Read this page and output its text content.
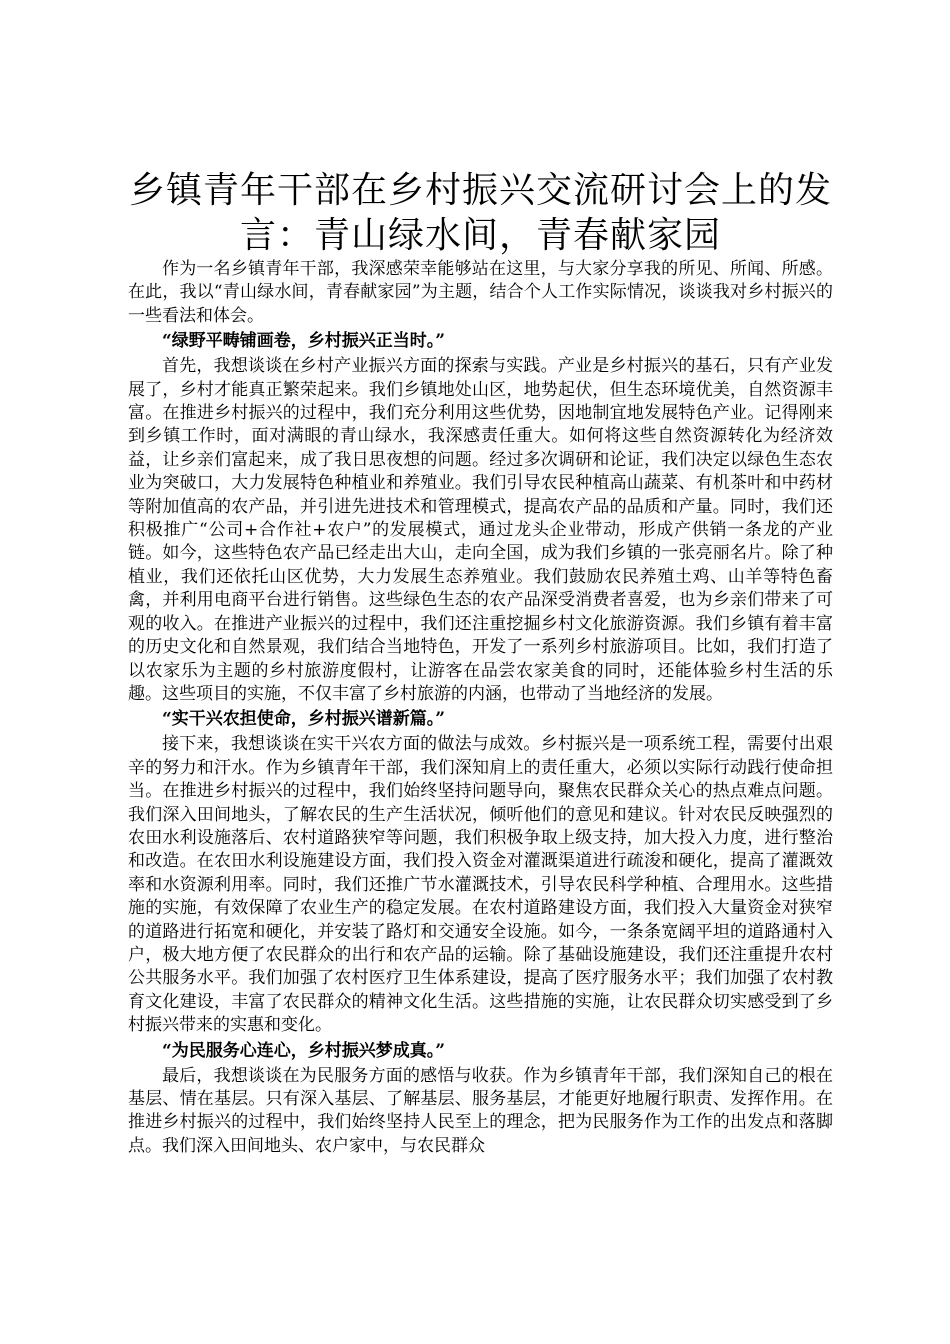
乡镇青年干部在乡村振兴交流研讨会上的发言：青山绿水间，青春献家园

作为一名乡镇青年干部，我深感荣幸能够站在这里，与大家分享我的所见、所闻、所感。在此，我以“青山绿水间，青春献家园”为主题，结合个人工作实际情况，谈谈我对乡村振兴的一些看法和体会。

“绿野平畴铺画卷，乡村振兴正当时。”

首先，我想谈谈在乡村产业振兴方面的探索与实践。产业是乡村振兴的基石，只有产业发展了，乡村才能真正繁荣起来。我们乡镇地处山区，地势起伏，但生态环境优美，自然资源丰富。在推进乡村振兴的过程中，我们充分利用这些优势，因地制宜地发展特色产业。记得刚来到乡镇工作时，面对满眼的青山绿水，我深感责任重大。如何将这些自然资源转化为经济效益，让乡亲们富起来，成了我日思夜想的问题。经过多次调研和论证，我们决定以绿色生态农业为突破口，大力发展特色种植业和养殖业。我们引导农民种植高山蔬菜、有机茶叶和中药材等附加值高的农产品，并引进先进技术和管理模式，提高农产品的品质和产量。同时，我们还积极推广“公司+合作社+农户”的发展模式，通过龙头企业带动，形成产供销一条龙的产业链。如今，这些特色农产品已经走出大山，走向全国，成为我们乡镇的一张亮丽名片。除了种植业，我们还依托山区优势，大力发展生态养殖业。我们鼓励农民养殖土鸡、山羊等特色畜禽，并利用电商平台进行销售。这些绿色生态的农产品深受消费者喜爱，也为乡亲们带来了可观的收入。在推进产业振兴的过程中，我们还注重挖掘乡村文化旅游资源。我们乡镇有着丰富的历史文化和自然景观，我们结合当地特色，开发了一系列乡村旅游项目。比如，我们打造了以农家乐为主题的乡村旅游度假村，让游客在品尝农家美食的同时，还能体验乡村生活的乐趣。这些项目的实施，不仅丰富了乡村旅游的内涵，也带动了当地经济的发展。

“实干兴农担使命，乡村振兴谱新篇。”

接下来，我想谈谈在实干兴农方面的做法与成效。乡村振兴是一项系统工程，需要付出艰辛的努力和汗水。作为乡镇青年干部，我们深知肩上的责任重大，必须以实际行动践行使命担当。在推进乡村振兴的过程中，我们始终坚持问题导向，聚焦农民群众关心的热点难点问题。我们深入田间地头，了解农民的生产生活状况，倾听他们的意见和建议。针对农民反映强烈的农田水利设施落后、农村道路狭窄等问题，我们积极争取上级支持，加大投入力度，进行整治和改造。在农田水利设施建设方面，我们投入资金对灌溉渠道进行疏浚和硬化，提高了灌溉效率和水资源利用率。同时，我们还推广节水灌溉技术，引导农民科学种植、合理用水。这些措施的实施，有效保障了农业生产的稳定发展。在农村道路建设方面，我们投入大量资金对狭窄的道路进行拓宽和硬化，并安装了路灯和交通安全设施。如今，一条条宽阔平坦的道路通村入户，极大地方便了农民群众的出行和农产品的运输。除了基础设施建设，我们还注重提升农村公共服务水平。我们加强了农村医疗卫生体系建设，提高了医疗服务水平；我们加强了农村教育文化建设，丰富了农民群众的精神文化生活。这些措施的实施，让农民群众切实感受到了乡村振兴带来的实惠和变化。

“为民服务心连心，乡村振兴梦成真。”

最后，我想谈谈在为民服务方面的感悟与收获。作为乡镇青年干部，我们深知自己的根在基层、情在基层。只有深入基层、了解基层、服务基层，才能更好地履行职责、发挥作用。在推进乡村振兴的过程中，我们始终坚持人民至上的理念，把为民服务作为工作的出发点和落脚点。我们深入田间地头、农户家中，与农民群众
